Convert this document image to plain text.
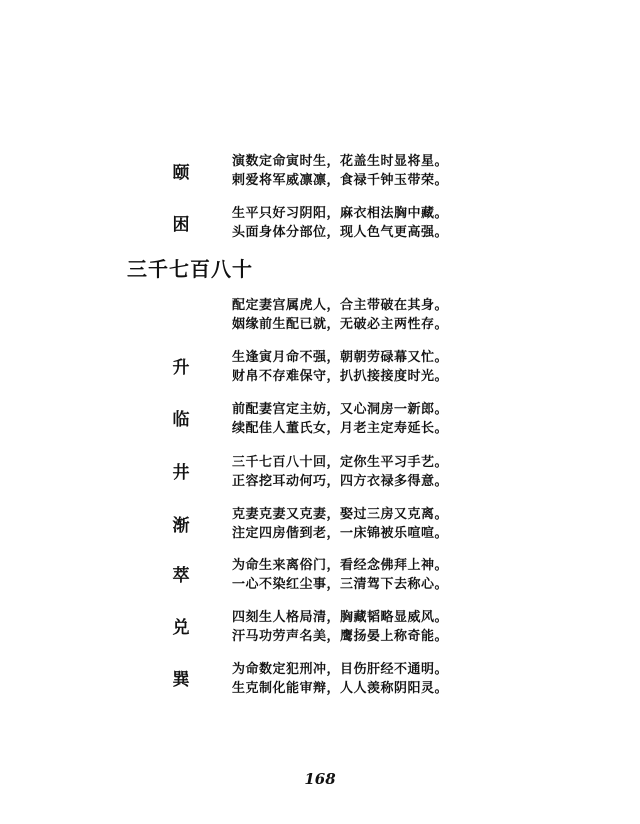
颐
演数定命寅时生，花盖生时显将星。
剌爱将军威凛凛，食禄千钟玉带荣。
困
生平只好习阴阳，麻衣相法胸中藏。
头面身体分部位，现人色气更高强。
三千七百八十
配定妻宫属虎人，合主带破在其身。
姻缘前生配已就，无破必主两性存。
升
生逢寅月命不强，朝朝劳碌幕又忙。
财帛不存难保守，扒扒接接度时光。
临
前配妻宫定主妨，又心洞房一新郎。
续配佳人董氏女，月老主定寿延长。
井
三千七百八十回，定你生平习手艺。
正容挖耳动何巧，四方衣禄多得意。
渐
克妻克妻又克妻，娶过三房又克离。
注定四房偕到老，一床锦被乐喧喧。
萃
为命生来离俗门，看经念佛拜上神。
一心不染红尘事，三清驾下去称心。
兑
四刻生人格局清，胸藏韬略显威风。
汗马功劳声名美，鹰扬晏上称奇能。
巽
为命数定犯刑冲，目伤肝经不通明。
生克制化能审辩，人人羡称阴阳灵。
168
